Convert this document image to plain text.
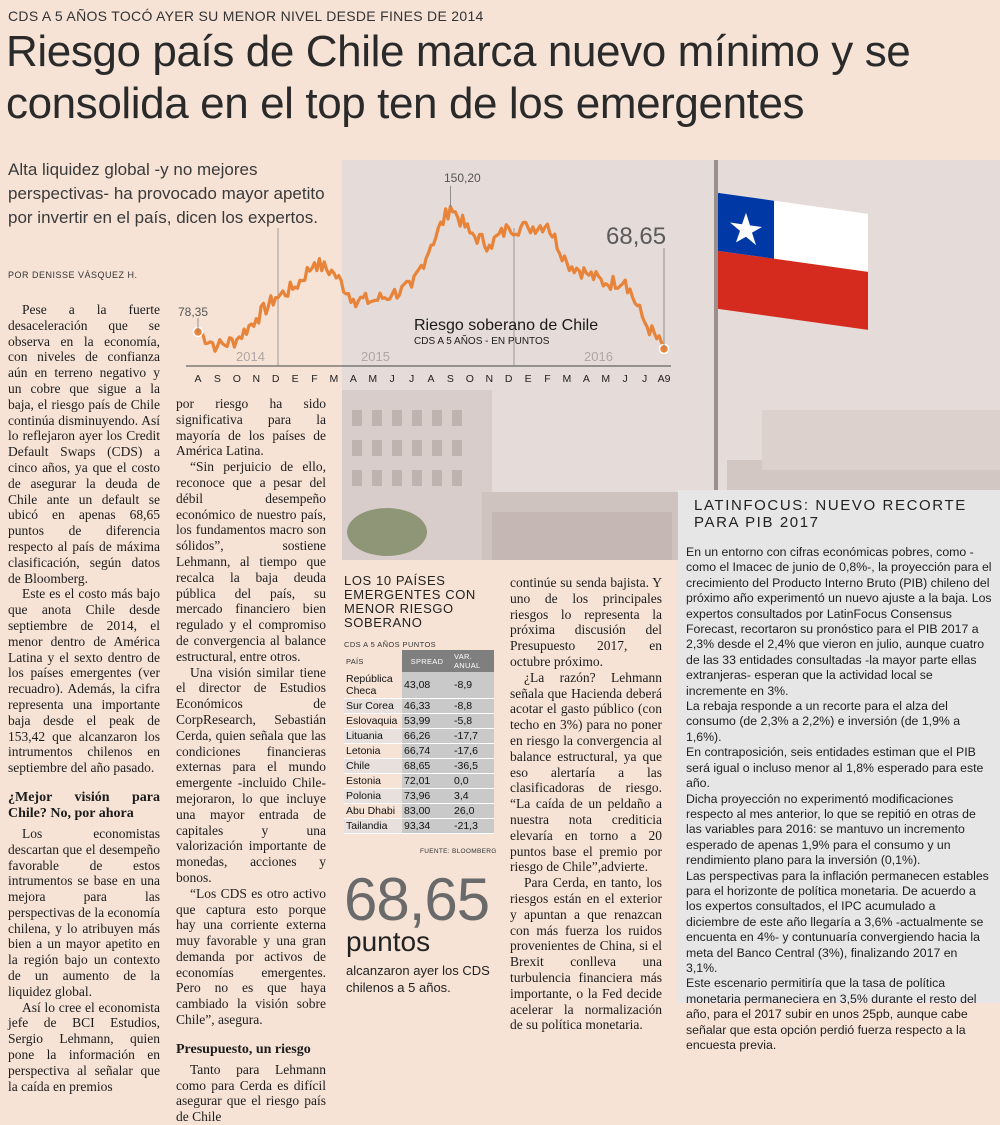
CDS A 5 AÑOS TOCÓ AYER SU MENOR NIVEL DESDE FINES DE 2014
Riesgo país de Chile marca nuevo mínimo y se consolida en el top ten de los emergentes
A S O N D E F M A M J J A S O N D E F M A M J J A9
78,35
150,20
68,65
2014	2015	2016
Riesgo soberano de Chile
CDS A 5 AÑOS - EN PUNTOS
Alta liquidez global -y no mejores perspectivas- ha provocado mayor apetito por invertir en el país, dicen los expertos.
POR DENISSE VÁSQUEZ H.

Pese a la fuerte desaceleración que se observa en la economía, con niveles de confianza aún en terreno negativo y un cobre que sigue a la baja, el riesgo país de Chile continúa disminuyendo. Así lo reflejaron ayer los Credit Default Swaps (CDS) a cinco años, ya que el costo de asegurar la deuda de Chile ante un default se ubicó en apenas 68,65 puntos de diferencia respecto al país de máxima clasificación, según datos de Bloomberg.

Este es el costo más bajo que anota Chile desde septiembre de 2014, el menor dentro de América Latina y el sexto dentro de los países emergentes (ver recuadro). Además, la cifra representa una importante baja desde el peak de 153,42 que alcanzaron los intrumentos chilenos en septiembre del año pasado.

¿Mejor visión para Chile? No, por ahora

Los economistas descartan que el desempeño favorable de estos intrumentos se base en una mejora para las perspectivas de la economía chilena, y lo atribuyen más bien a un mayor apetito en la región bajo un contexto de un aumento de la liquidez global.

Así lo cree el economista jefe de BCI Estudios, Sergio Lehmann, quien pone la información en perspectiva al señalar que la caída en premios

por riesgo ha sido significativa para la mayoría de los países de América Latina.

“Sin perjuicio de ello, reconoce que a pesar del débil desempeño económico de nuestro país, los fundamentos macro son sólidos”, sostiene Lehmann, al tiempo que recalca la baja deuda pública del país, su mercado financiero bien regulado y el compromiso de convergencia al balance estructural, entre otros.

Una visión similar tiene el director de Estudios Económicos de CorpResearch, Sebastián Cerda, quien señala que las condiciones financieras externas para el mundo emergente -incluido Chile- mejoraron, lo que incluye una mayor entrada de capitales y una valorización importante de monedas, acciones y bonos.

“Los CDS es otro activo que captura esto porque hay una corriente externa muy favorable y una gran demanda por activos de economías emergentes. Pero no es que haya cambiado la visión sobre Chile”, asegura.

Presupuesto, un riesgo

Tanto para Lehmann como para Cerda es difícil asegurar que el riesgo país de Chile

LOS 10 PAÍSES EMERGENTES CON MENOR RIESGO SOBERANO
CDS A 5 AÑOS PUNTOS
PAÍS	SPREAD	VAR. ANUAL
República Checa	43,08	-8,9
Sur Corea	46,33	-8,8
Eslovaquia	53,99	-5,8
Lituania	66,26	-17,7
Letonia	66,74	-17,6
Chile	68,65	-36,5
Estonia	72,01	0,0
Polonia	73,96	3,4
Abu Dhabi	83,00	26,0
Tailandia	93,34	-21,3
FUENTE: BLOOMBERG
68,65
puntos
alcanzaron ayer los CDS chilenos a 5 años.

continúe su senda bajista. Y uno de los principales riesgos lo representa la próxima discusión del Presupuesto 2017, en octubre próximo.

¿La razón? Lehmann señala que Hacienda deberá acotar el gasto público (con techo en 3%) para no poner en riesgo la convergencia al balance estructural, ya que eso alertaría a las clasificadoras de riesgo. “La caída de un peldaño a nuestra nota crediticia elevaría en torno a 20 puntos base el premio por riesgo de Chile”,advierte.

Para Cerda, en tanto, los riesgos están en el exterior y apuntan a que renazcan con más fuerza los ruidos provenientes de China, si el Brexit conlleva una turbulencia financiera más importante, o la Fed decide acelerar la normalización de su política monetaria.

LATINFOCUS: NUEVO RECORTE PARA PIB 2017
En un entorno con cifras económicas pobres, como -como el Imacec de junio de 0,8%-, la proyección para el crecimiento del Producto Interno Bruto (PIB) chileno del próximo año experimentó un nuevo ajuste a la baja. Los expertos consultados por LatinFocus Consensus Forecast, recortaron su pronóstico para el PIB 2017 a 2,3% desde el 2,4% que vieron en julio, aunque cuatro de las 33 entidades consultadas -la mayor parte ellas extranjeras- esperan que la actividad local se incremente en 3%.
La rebaja responde a un recorte para el alza del consumo (de 2,3% a 2,2%) e inversión (de 1,9% a 1,6%).
En contraposición, seis entidades estiman que el PIB será igual o incluso menor al 1,8% esperado para este año.
Dicha proyección no experimentó modificaciones respecto al mes anterior, lo que se repitió en otras de las variables para 2016: se mantuvo un incremento esperado de apenas 1,9% para el consumo y un rendimiento plano para la inversión (0,1%).
Las perspectivas para la inflación permanecen estables para el horizonte de política monetaria. De acuerdo a los expertos consultados, el IPC acumulado a diciembre de este año llegaría a 3,6% -actualmente se encuenta en 4%- y contunuaría convergiendo hacia la meta del Banco Central (3%), finalizando 2017 en 3,1%.
Este escenario permitiría que la tasa de política monetaria permaneciera en 3,5% durante el resto del año, para el 2017 subir en unos 25pb, aunque cabe señalar que esta opción perdió fuerza respecto a la encuesta previa.
